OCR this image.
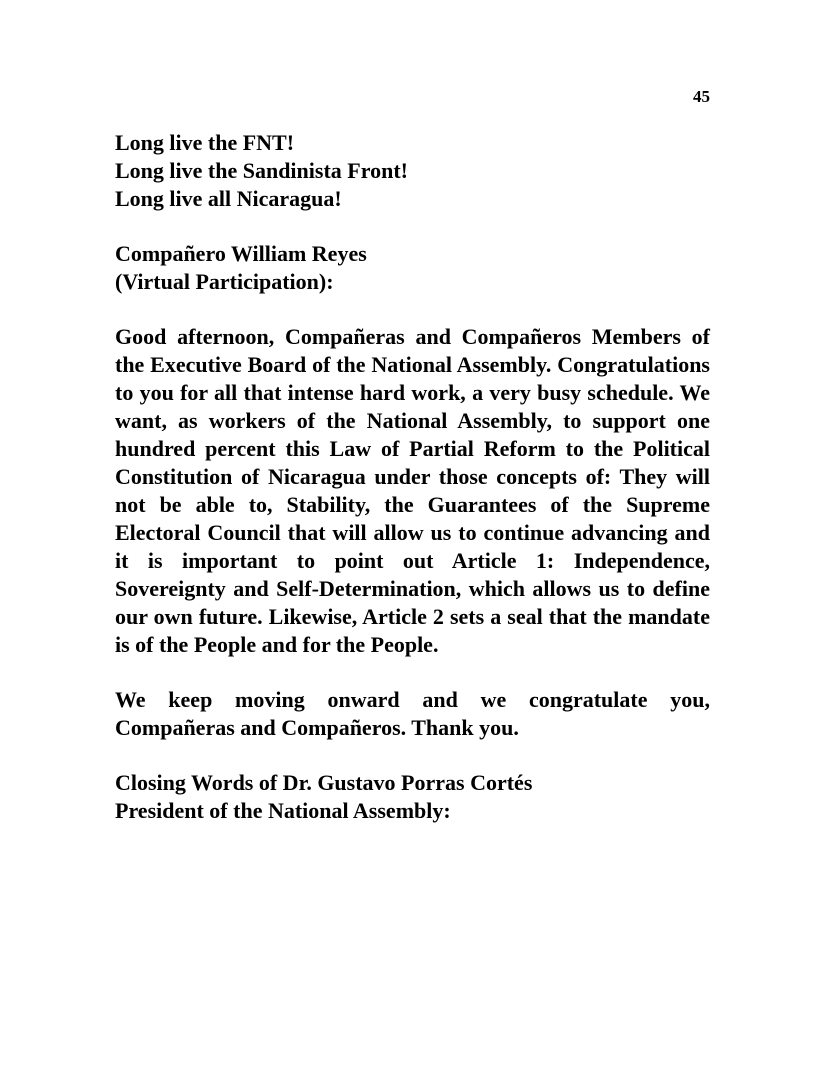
45
Long live the FNT!
Long live the Sandinista Front!
Long live all Nicaragua!
Compañero William Reyes
(Virtual Participation):

Good afternoon, Compañeras and Compañeros Members of the Executive Board of the National Assembly. Congratulations to you for all that intense hard work, a very busy schedule. We want, as workers of the National Assembly, to support one hundred percent this Law of Partial Reform to the Political Constitution of Nicaragua under those concepts of: They will not be able to, Stability, the Guarantees of the Supreme Electoral Council that will allow us to continue advancing and it is important to point out Article 1: Independence, Sovereignty and Self-Determination, which allows us to define our own future. Likewise, Article 2 sets a seal that the mandate is of the People and for the People.

We keep moving onward and we congratulate you, Compañeras and Compañeros. Thank you.

Closing Words of Dr. Gustavo Porras Cortés
President of the National Assembly:
